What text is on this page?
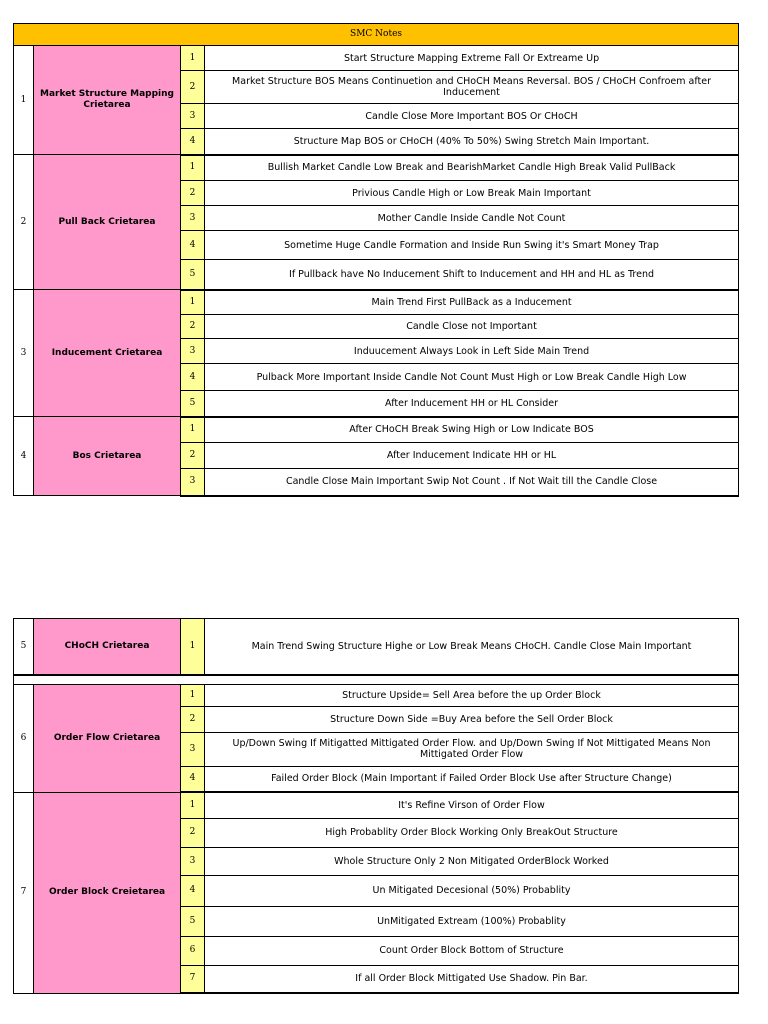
SMC Notes			
1	Market Structure Mapping Crietarea	1	Start Structure Mapping Extreme Fall Or Extreame Up
		2	Market Structure BOS Means Continuetion and CHoCH Means Reversal. BOS / CHoCH Confroem after Inducement
		3	Candle Close More Important BOS Or CHoCH
		4	Structure Map BOS or CHoCH (40% To 50%) Swing Stretch Main Important.
2	Pull Back Crietarea	1	Bullish Market Candle Low Break and BearishMarket Candle High Break Valid PullBack
		2	Privious Candle High or Low Break Main Important
		3	Mother Candle Inside Candle Not Count
		4	Sometime Huge Candle Formation and Inside Run Swing it's Smart Money Trap
		5	If Pullback have No Inducement Shift to Inducement and HH and HL as Trend
3	Inducement Crietarea	1	Main Trend First PullBack as a Inducement
		2	Candle Close not Important
		3	Induucement Always Look in Left Side Main Trend
		4	Pulback More Important Inside Candle Not Count Must High or Low Break Candle High Low
		5	After Inducement HH or HL Consider
4	Bos Crietarea	1	After CHoCH Break Swing High or Low Indicate BOS
		2	After Inducement Indicate HH or HL
		3	Candle Close Main Important Swip Not Count . If Not Wait till the Candle Close
5	CHoCH Crietarea	1	Main Trend Swing Structure Highe or Low Break Means CHoCH. Candle Close Main Important

6	Order Flow Crietarea	1	Structure Upside= Sell Area before the up Order Block
		2	Structure Down Side =Buy Area before the Sell Order Block
		3	Up/Down Swing If Mitigatted Mittigated Order Flow. and Up/Down Swing If Not Mittigated Means Non Mittigated Order Flow
		4	Failed Order Block (Main Important if Failed Order Block Use after Structure Change)
7	Order Block Creietarea	1	It's Refine Virson of Order Flow
		2	High Probablity Order Block Working Only BreakOut Structure
		3	Whole Structure Only 2 Non Mitigated OrderBlock Worked
		4	Un Mitigated Decesional (50%) Probablity
		5	UnMitigated Extream (100%) Probablity
		6	Count Order Block Bottom of Structure
		7	If all Order Block Mittigated Use Shadow. Pin Bar.
